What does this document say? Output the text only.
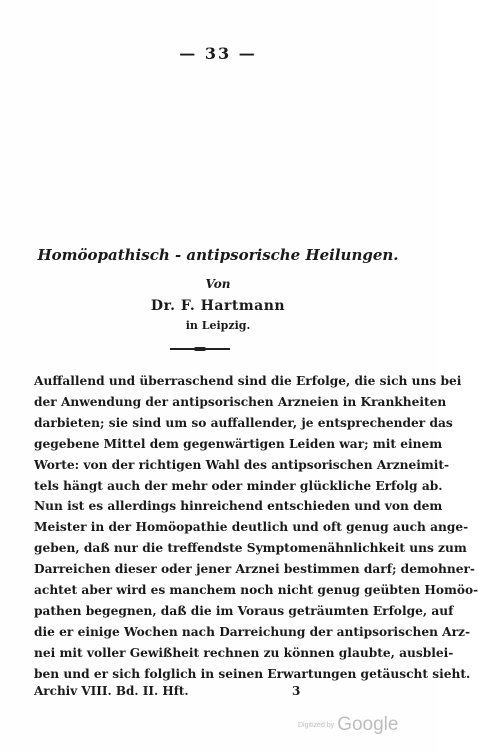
— 33 —
Homöopathisch - antipsorische Heilungen.
Von
Dr. F. Hartmann
in Leipzig.
Auffallend und überraschend sind die Erfolge, die sich uns bei
der Anwendung der antipsorischen Arzneien in Krankheiten
darbieten; sie sind um so auffallender, je entsprechender das
gegebene Mittel dem gegenwärtigen Leiden war; mit einem
Worte: von der richtigen Wahl des antipsorischen Arzneimit-
tels hängt auch der mehr oder minder glückliche Erfolg ab.
Nun ist es allerdings hinreichend entschieden und von dem
Meister in der Homöopathie deutlich und oft genug auch ange-
geben, daß nur die treffendste Symptomenähnlichkeit uns zum
Darreichen dieser oder jener Arznei bestimmen darf; demohner-
achtet aber wird es manchem noch nicht genug geübten Homöo-
pathen begegnen, daß die im Voraus geträumten Erfolge, auf
die er einige Wochen nach Darreichung der antipsorischen Arz-
nei mit voller Gewißheit rechnen zu können glaubte, ausblei-
ben und er sich folglich in seinen Erwartungen getäuscht sieht.
Archiv VIII. Bd. II. Hft.	3
Digitized by Google
